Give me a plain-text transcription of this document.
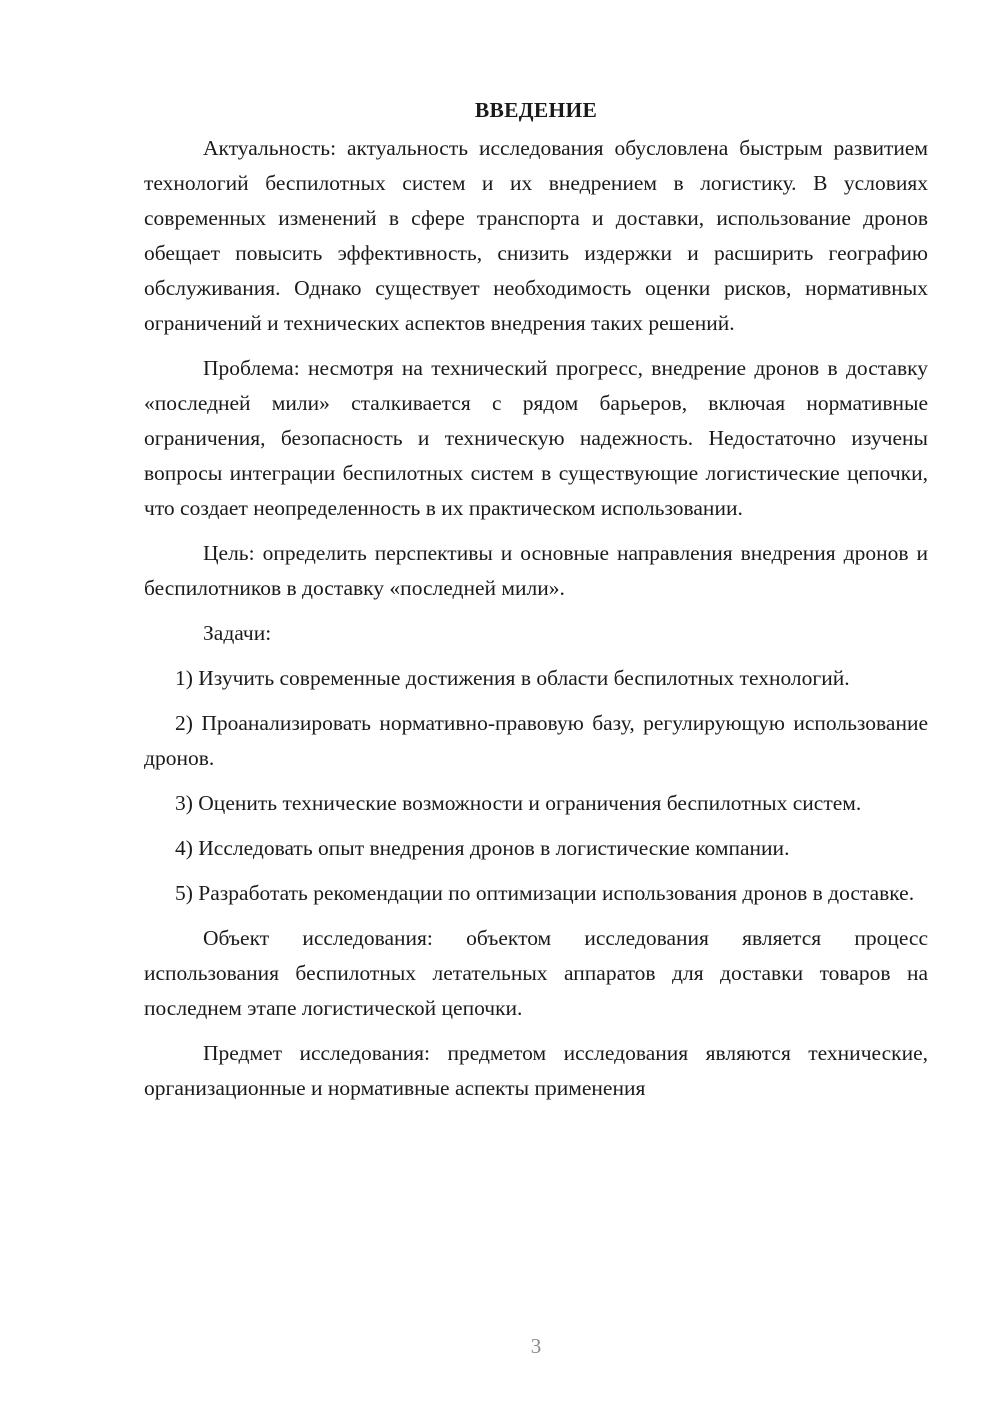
ВВЕДЕНИЕ

Актуальность: актуальность исследования обусловлена быстрым развитием технологий беспилотных систем и их внедрением в логистику. В условиях современных изменений в сфере транспорта и доставки, использование дронов обещает повысить эффективность, снизить издержки и расширить географию обслуживания. Однако существует необходимость оценки рисков, нормативных ограничений и технических аспектов внедрения таких решений.

Проблема: несмотря на технический прогресс, внедрение дронов в доставку «последней мили» сталкивается с рядом барьеров, включая нормативные ограничения, безопасность и техническую надежность. Недостаточно изучены вопросы интеграции беспилотных систем в существующие логистические цепочки, что создает неопределенность в их практическом использовании.

Цель: определить перспективы и основные направления внедрения дронов и беспилотников в доставку «последней мили».

Задачи:

1) Изучить современные достижения в области беспилотных технологий.

2) Проанализировать нормативно-правовую базу, регулирующую использование дронов.

3) Оценить технические возможности и ограничения беспилотных систем.

4) Исследовать опыт внедрения дронов в логистические компании.

5) Разработать рекомендации по оптимизации использования дронов в доставке.

Объект исследования: объектом исследования является процесс использования беспилотных летательных аппаратов для доставки товаров на последнем этапе логистической цепочки.

Предмет исследования: предметом исследования являются технические, организационные и нормативные аспекты применения

3
